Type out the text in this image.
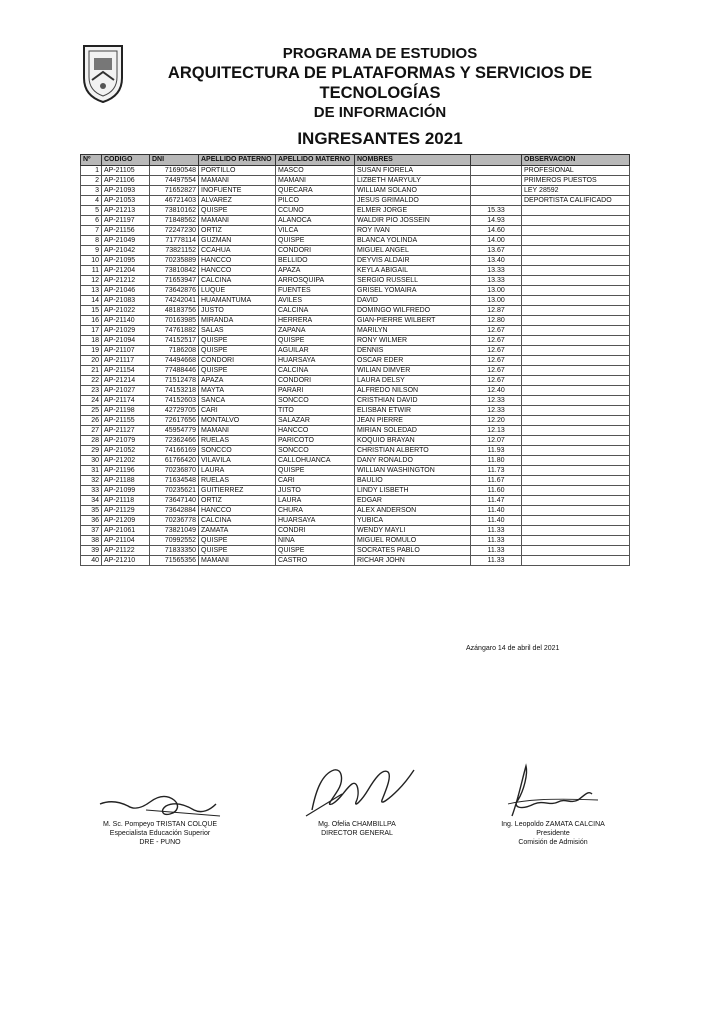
PROGRAMA DE ESTUDIOS
ARQUITECTURA DE PLATAFORMAS Y SERVICIOS DE TECNOLOGÍAS
DE INFORMACIÓN
INGRESANTES 2021
Nº	CODIGO	DNI	APELLIDO PATERNO	APELLIDO MATERNO	NOMBRES		OBSERVACION
1	AP-21105	71690548	PORTILLO	MASCO	SUSAN FIORELA		PROFESIONAL
2	AP-21106	74497554	MAMANI	MAMANI	LIZBETH MARYULY		PRIMEROS PUESTOS
3	AP-21093	71652827	INOFUENTE	QUECARA	WILLIAM SOLANO		LEY 28592
4	AP-21053	46721403	ALVAREZ	PILCO	JESUS GRIMALDO		DEPORTISTA CALIFICADO
5	AP-21213	73810162	QUISPE	CCUNO	ELMER JORGE	15.33	
6	AP-21197	71848562	MAMANI	ALANOCA	WALDIR PIO JOSSEIN	14.93	
7	AP-21156	72247230	ORTIZ	VILCA	ROY IVAN	14.60	
8	AP-21049	71778114	GUZMAN	QUISPE	BLANCA YOLINDA	14.00	
9	AP-21042	73821152	CCAHUA	CONDORI	MIGUEL ANGEL	13.67	
10	AP-21095	70235889	HANCCO	BELLIDO	DEYVIS ALDAIR	13.40	
11	AP-21204	73810842	HANCCO	APAZA	KEYLA ABIGAIL	13.33	
12	AP-21212	71653947	CALCINA	ARROSQUIPA	SERGIO RUSSELL	13.33	
13	AP-21046	73642876	LUQUE	FUENTES	GRISEL YOMAIRA	13.00	
14	AP-21083	74242041	HUAMANTUMA	AVILES	DAVID	13.00	
15	AP-21022	48183756	JUSTO	CALCINA	DOMINGO WILFREDO	12.87	
16	AP-21140	70163985	MIRANDA	HERRERA	GIAN-PIERRE WILBERT	12.80	
17	AP-21029	74761882	SALAS	ZAPANA	MARILYN	12.67	
18	AP-21094	74152517	QUISPE	QUISPE	RONY WILMER	12.67	
19	AP-21107	7186208	QUISPE	AGUILAR	DENNIS	12.67	
20	AP-21117	74494668	CONDORI	HUARSAYA	OSCAR EDER	12.67	
21	AP-21154	77488446	QUISPE	CALCINA	WILIAN DIMVER	12.67	
22	AP-21214	71512478	APAZA	CONDORI	LAURA DELSY	12.67	
23	AP-21027	74153218	MAYTA	PARARI	ALFREDO NILSON	12.40	
24	AP-21174	74152603	SANCA	SONCCO	CRISTHIAN DAVID	12.33	
25	AP-21198	42729705	CARI	TITO	ELISBAN ETWIR	12.33	
26	AP-21155	72617656	MONTALVO	SALAZAR	JEAN PIERRE	12.20	
27	AP-21127	45954779	MAMANI	HANCCO	MIRIAN SOLEDAD	12.13	
28	AP-21079	72362466	RUELAS	PARICOTO	KOQUIO BRAYAN	12.07	
29	AP-21052	74166169	SONCCO	SONCCO	CHRISTIAN ALBERTO	11.93	
30	AP-21202	61766420	VILAVILA	CALLOHUANCA	DANY RONALDO	11.80	
31	AP-21196	70236870	LAURA	QUISPE	WILLIAN WASHINGTON	11.73	
32	AP-21188	71634548	RUELAS	CARI	BAULIO	11.67	
33	AP-21099	70235621	GUITIERREZ	JUSTO	LINDY LISBETH	11.60	
34	AP-21118	73647140	ORTIZ	LAURA	EDGAR	11.47	
35	AP-21129	73642884	HANCCO	CHURA	ALEX ANDERSON	11.40	
36	AP-21209	70236778	CALCINA	HUARSAYA	YUBICA	11.40	
37	AP-21061	73821049	ZAMATA	CONDRI	WENDY MAYLI	11.33	
38	AP-21104	70992552	QUISPE	NINA	MIGUEL ROMULO	11.33	
39	AP-21122	71833350	QUISPE	QUISPE	SOCRATES PABLO	11.33	
40	AP-21210	71565356	MAMANI	CASTRO	RICHAR JOHN	11.33	
Azángaro 14 de abril del 2021
M. Sc. Pompeyo TRISTAN COLQUE
Especialista Educación Superior
DRE - PUNO
Mg. Ofelia CHAMBILLPA
DIRECTOR GENERAL
Ing. Leopoldo ZAMATA CALCINA
Presidente
Comisión de Admisión
